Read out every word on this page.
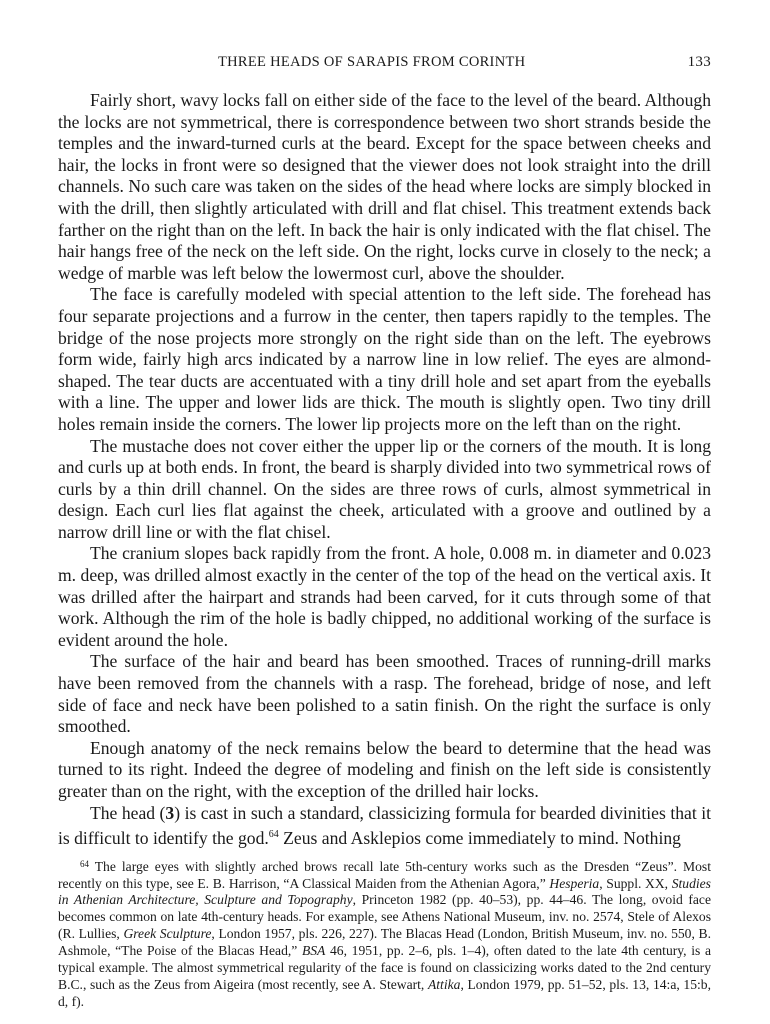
THREE HEADS OF SARAPIS FROM CORINTH	133

Fairly short, wavy locks fall on either side of the face to the level of the beard. Although the locks are not symmetrical, there is correspondence between two short strands beside the temples and the inward-turned curls at the beard. Except for the space between cheeks and hair, the locks in front were so designed that the viewer does not look straight into the drill channels. No such care was taken on the sides of the head where locks are simply blocked in with the drill, then slightly articulated with drill and flat chisel. This treatment extends back farther on the right than on the left. In back the hair is only indicated with the flat chisel. The hair hangs free of the neck on the left side. On the right, locks curve in closely to the neck; a wedge of marble was left below the lowermost curl, above the shoulder.

The face is carefully modeled with special attention to the left side. The forehead has four separate projections and a furrow in the center, then tapers rapidly to the temples. The bridge of the nose projects more strongly on the right side than on the left. The eyebrows form wide, fairly high arcs indicated by a narrow line in low relief. The eyes are almond-shaped. The tear ducts are accentuated with a tiny drill hole and set apart from the eyeballs with a line. The upper and lower lids are thick. The mouth is slightly open. Two tiny drill holes remain inside the corners. The lower lip projects more on the left than on the right.

The mustache does not cover either the upper lip or the corners of the mouth. It is long and curls up at both ends. In front, the beard is sharply divided into two symmetrical rows of curls by a thin drill channel. On the sides are three rows of curls, almost symmetrical in design. Each curl lies flat against the cheek, articulated with a groove and outlined by a narrow drill line or with the flat chisel.

The cranium slopes back rapidly from the front. A hole, 0.008 m. in diameter and 0.023 m. deep, was drilled almost exactly in the center of the top of the head on the vertical axis. It was drilled after the hairpart and strands had been carved, for it cuts through some of that work. Although the rim of the hole is badly chipped, no additional working of the surface is evident around the hole.

The surface of the hair and beard has been smoothed. Traces of running-drill marks have been removed from the channels with a rasp. The forehead, bridge of nose, and left side of face and neck have been polished to a satin finish. On the right the surface is only smoothed.

Enough anatomy of the neck remains below the beard to determine that the head was turned to its right. Indeed the degree of modeling and finish on the left side is consistently greater than on the right, with the exception of the drilled hair locks.

The head (3) is cast in such a standard, classicizing formula for bearded divinities that it is difficult to identify the god.$^{64}$ Zeus and Asklepios come immediately to mind. Nothing

$^{64}$ The large eyes with slightly arched brows recall late 5th-century works such as the Dresden “Zeus”. Most recently on this type, see E. B. Harrison, “A Classical Maiden from the Athenian Agora,” Hesperia, Suppl. XX, Studies in Athenian Architecture, Sculpture and Topography, Princeton 1982 (pp. 40–53), pp. 44–46. The long, ovoid face becomes common on late 4th-century heads. For example, see Athens National Museum, inv. no. 2574, Stele of Alexos (R. Lullies, Greek Sculpture, London 1957, pls. 226, 227). The Blacas Head (London, British Museum, inv. no. 550, B. Ashmole, “The Poise of the Blacas Head,” BSA 46, 1951, pp. 2–6, pls. 1–4), often dated to the late 4th century, is a typical example. The almost symmetrical regularity of the face is found on classicizing works dated to the 2nd century B.C., such as the Zeus from Aigeira (most recently, see A. Stewart, Attika, London 1979, pp. 51–52, pls. 13, 14:a, 15:b, d, f).
